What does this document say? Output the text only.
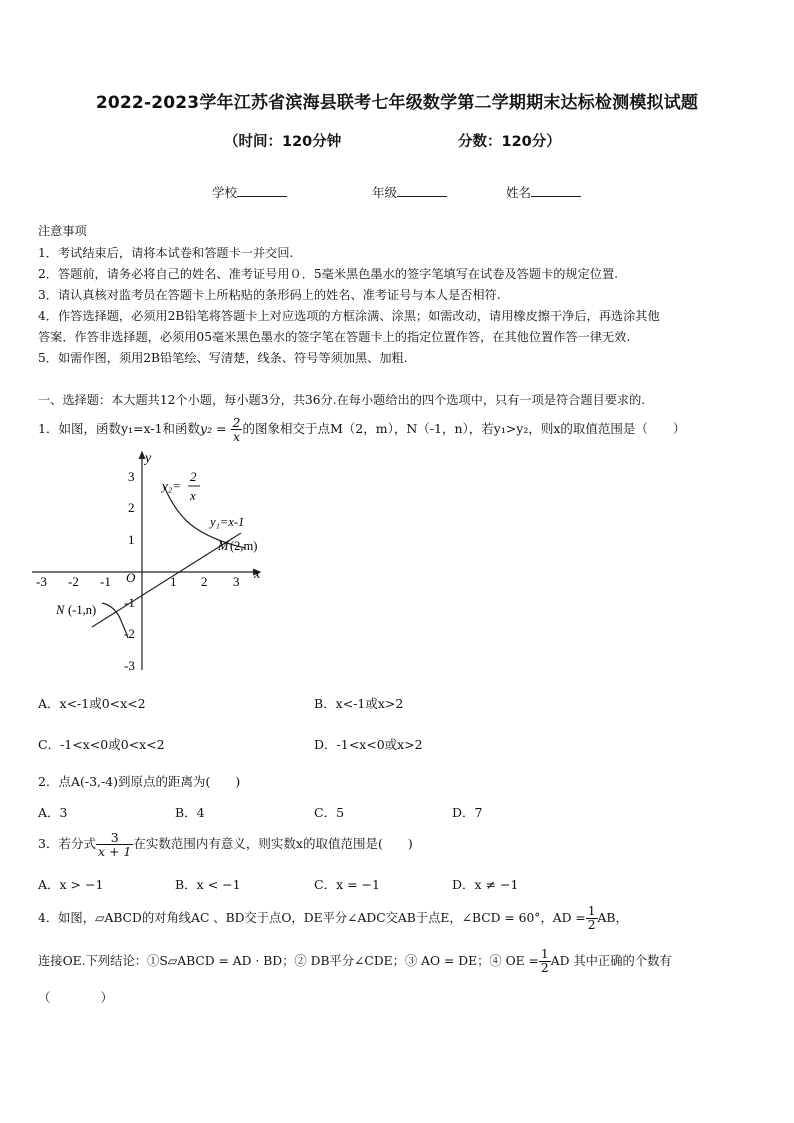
2022-2023学年江苏省滨海县联考七年级数学第二学期期末达标检测模拟试题
（时间：120分钟	分数：120分）
学校	年级	姓名
注意事项
1．考试结束后，请将本试卷和答题卡一并交回.
2．答题前，请务必将自己的姓名、准考证号用０．5毫米黑色墨水的签字笔填写在试卷及答题卡的规定位置.
3．请认真核对监考员在答题卡上所粘贴的条形码上的姓名、准考证号与本人是否相符.
4．作答选择题，必须用2B铅笔将答题卡上对应选项的方框涂满、涂黑；如需改动，请用橡皮擦干净后，再选涂其他
答案．作答非选择题，必须用05毫米黑色墨水的签字笔在答题卡上的指定位置作答，在其他位置作答一律无效.
5．如需作图，须用2B铅笔绘、写清楚，线条、符号等须加黑、加粗.
一、选择题：本大题共12个小题，每小题3分，共36分.在每小题给出的四个选项中，只有一项是符合题目要求的.
1．如图，函数y₁=x-1和函数$y_2 = \frac{2}{x}$ 的图象相交于点M（2，m），N（-1，n），若y₁>y₂，则x的取值范围是（　　）
x
y
O
-3 -2 -1	1 2 3
3
2
1
-1
-2
-3
y₂=
2
x
y₁=x-1
M (2,m)
N (-1,n)
A．x<-1或0<x<2	B．x<-1或x>2
C．-1<x<0或0<x<2	D．-1<x<0或x>2
2．点A(-3,-4)到原点的距离为(　　)
A．3	B．4	C．5	D．7
3．若分式 $\frac{3}{x + 1}$ 在实数范围内有意义，则实数x的取值范围是(　　)
A．x > −1	B．x < −1	C．x = −1	D．x ≠ −1
4．如图，▱ABCD的对角线AC 、BD交于点O，DE平分∠ADC交AB于点E，∠BCD = 60°，AD = $\frac{1}{2}$ AB，
连接OE.下列结论：①S▱ABCD = AD · BD；② DB平分∠CDE；③ AO = DE；④ OE = $\frac{1}{2}$ AD 其中正确的个数有
（　　　　）
